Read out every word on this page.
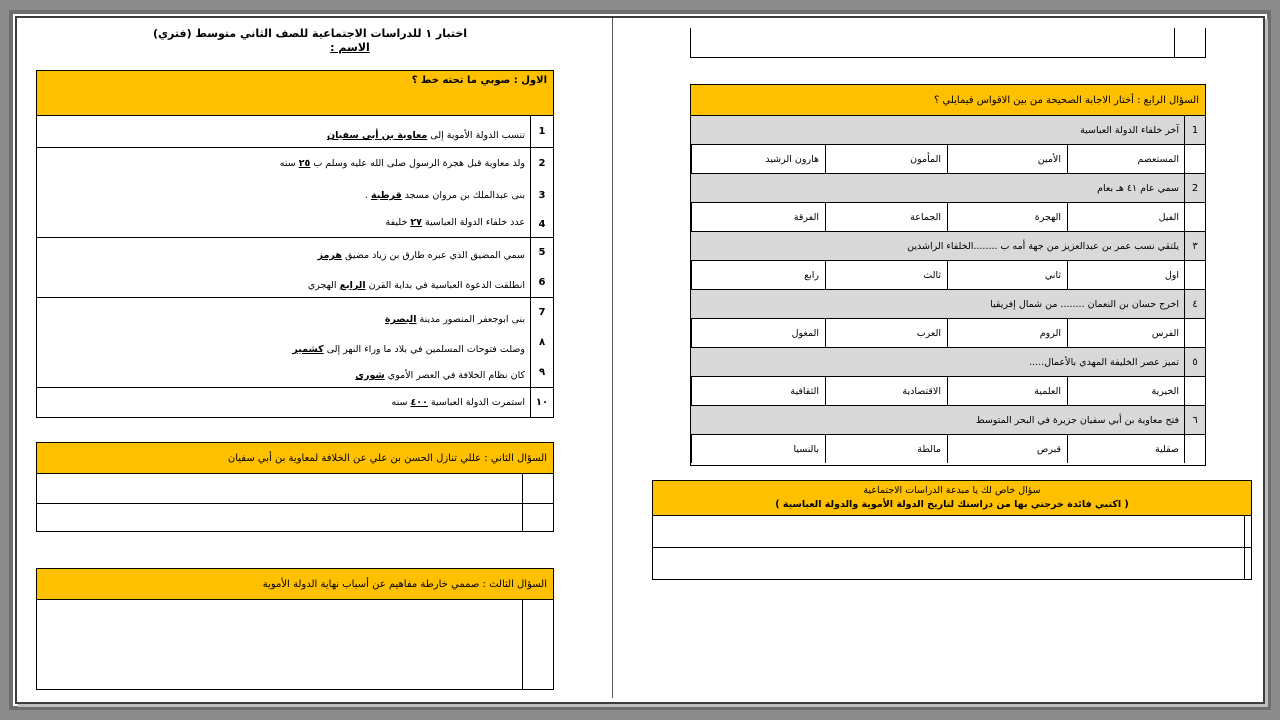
اختبار ١ للدراسات الاجتماعية للصف الثاني متوسط (فتري)
الاسم :
الاول : صوبي ما تحته خط ؟
1
تنسب الدولة الأموية إلى معاوية بن أبي سفيان
2
3
ولد معاوية قبل هجرة الرسول صلى الله عليه وسلم ب ٢٥ سنه
بنى عبدالملك بن مروان مسجد قرطبة .
4
عدد خلفاء الدولة العباسية ٢٧ خليفة
5
6
سمي المضيق الذي عبره طارق بن زياد مضيق هرمز
انطلقت الدعوة العباسية في بداية القرن الرابع الهجري
7
٨
٩
بنى ابوجعفر المنصور مدينة البصرة
وصلت فتوحات المسلمين في بلاد ما وراء النهر إلى كشمير
كان نظام الخلافة في العصر الأموي شورى
١٠
استمرت الدولة العباسية ٤٠٠ سنه
السؤال الثاني : عللي تنازل الحسن بن علي عن الخلافة لمعاوية بن أبي سفيان
السؤال الثالث : صممي خارطة مفاهيم عن أسباب نهاية الدولة الأموية
السؤال الرابع : أختار الاجابة الصحيحة من بين الاقواس فيمايلي ؟
1
آخر خلفاء الدولة العباسية
المستعصم
الأمين
المأمون
هارون الرشيد
2
سمي عام ٤١ هـ بعام
الفيل
الهجرة
الجماعة
الفرقة
٣
يلتقي نسب عمر بن عبدالعزيز من جهة أمه ب ........الخلفاء الراشدين
اول
ثاني
ثالث
رابع
٤
اخرج حسان بن النعمان ........ من شمال إفريقيا
الفرس
الروم
العرب
المغول
٥
تميز عصر الخليفة المهدي بالأعمال.....
الخيرية
العلمية
الاقتصادية
الثقافية
٦
فتح معاوية بن أبي سفيان جزيرة في البحر المتوسط
صقلية
قبرص
مالطة
بالنسيا
سؤال خاص لك يا مبدعة الدراسات الاجتماعية
( اكتبي فائدة خرجتي بها من دراستك لتاريخ الدولة الأموية والدولة العباسية )
